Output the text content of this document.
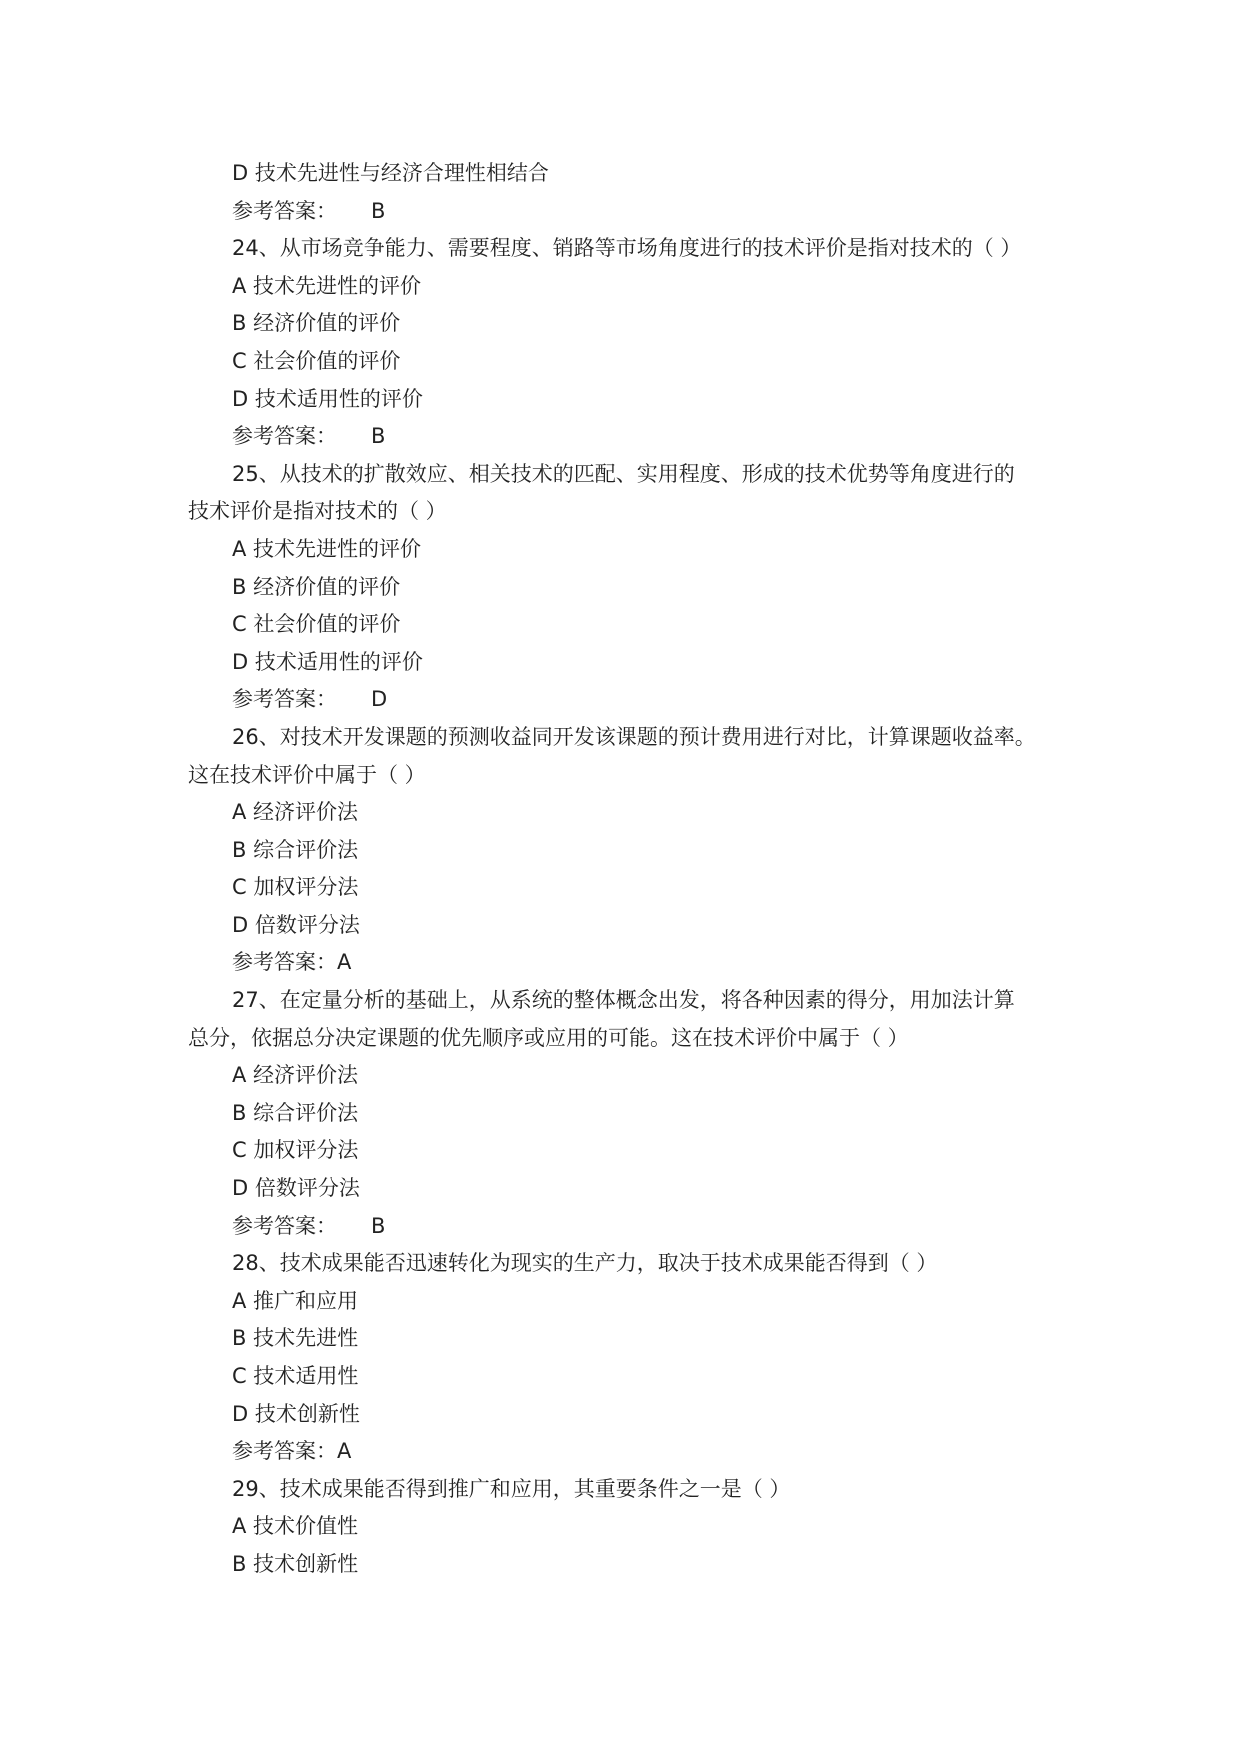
D 技术先进性与经济合理性相结合

参考答案： B

24、从市场竞争能力、需要程度、销路等市场角度进行的技术评价是指对技术的（ ）

A 技术先进性的评价

B 经济价值的评价

C 社会价值的评价

D 技术适用性的评价

参考答案： B

25、从技术的扩散效应、相关技术的匹配、实用程度、形成的技术优势等角度进行的

技术评价是指对技术的（ ）

A 技术先进性的评价

B 经济价值的评价

C 社会价值的评价

D 技术适用性的评价

参考答案： D

26、对技术开发课题的预测收益同开发该课题的预计费用进行对比，计算课题收益率。

这在技术评价中属于（ ）

A 经济评价法

B 综合评价法

C 加权评分法

D 倍数评分法

参考答案：A

27、在定量分析的基础上，从系统的整体概念出发，将各种因素的得分，用加法计算

总分，依据总分决定课题的优先顺序或应用的可能。这在技术评价中属于（ ）

A 经济评价法

B 综合评价法

C 加权评分法

D 倍数评分法

参考答案： B

28、技术成果能否迅速转化为现实的生产力，取决于技术成果能否得到（ ）

A 推广和应用

B 技术先进性

C 技术适用性

D 技术创新性

参考答案：A

29、技术成果能否得到推广和应用，其重要条件之一是（ ）

A 技术价值性

B 技术创新性
